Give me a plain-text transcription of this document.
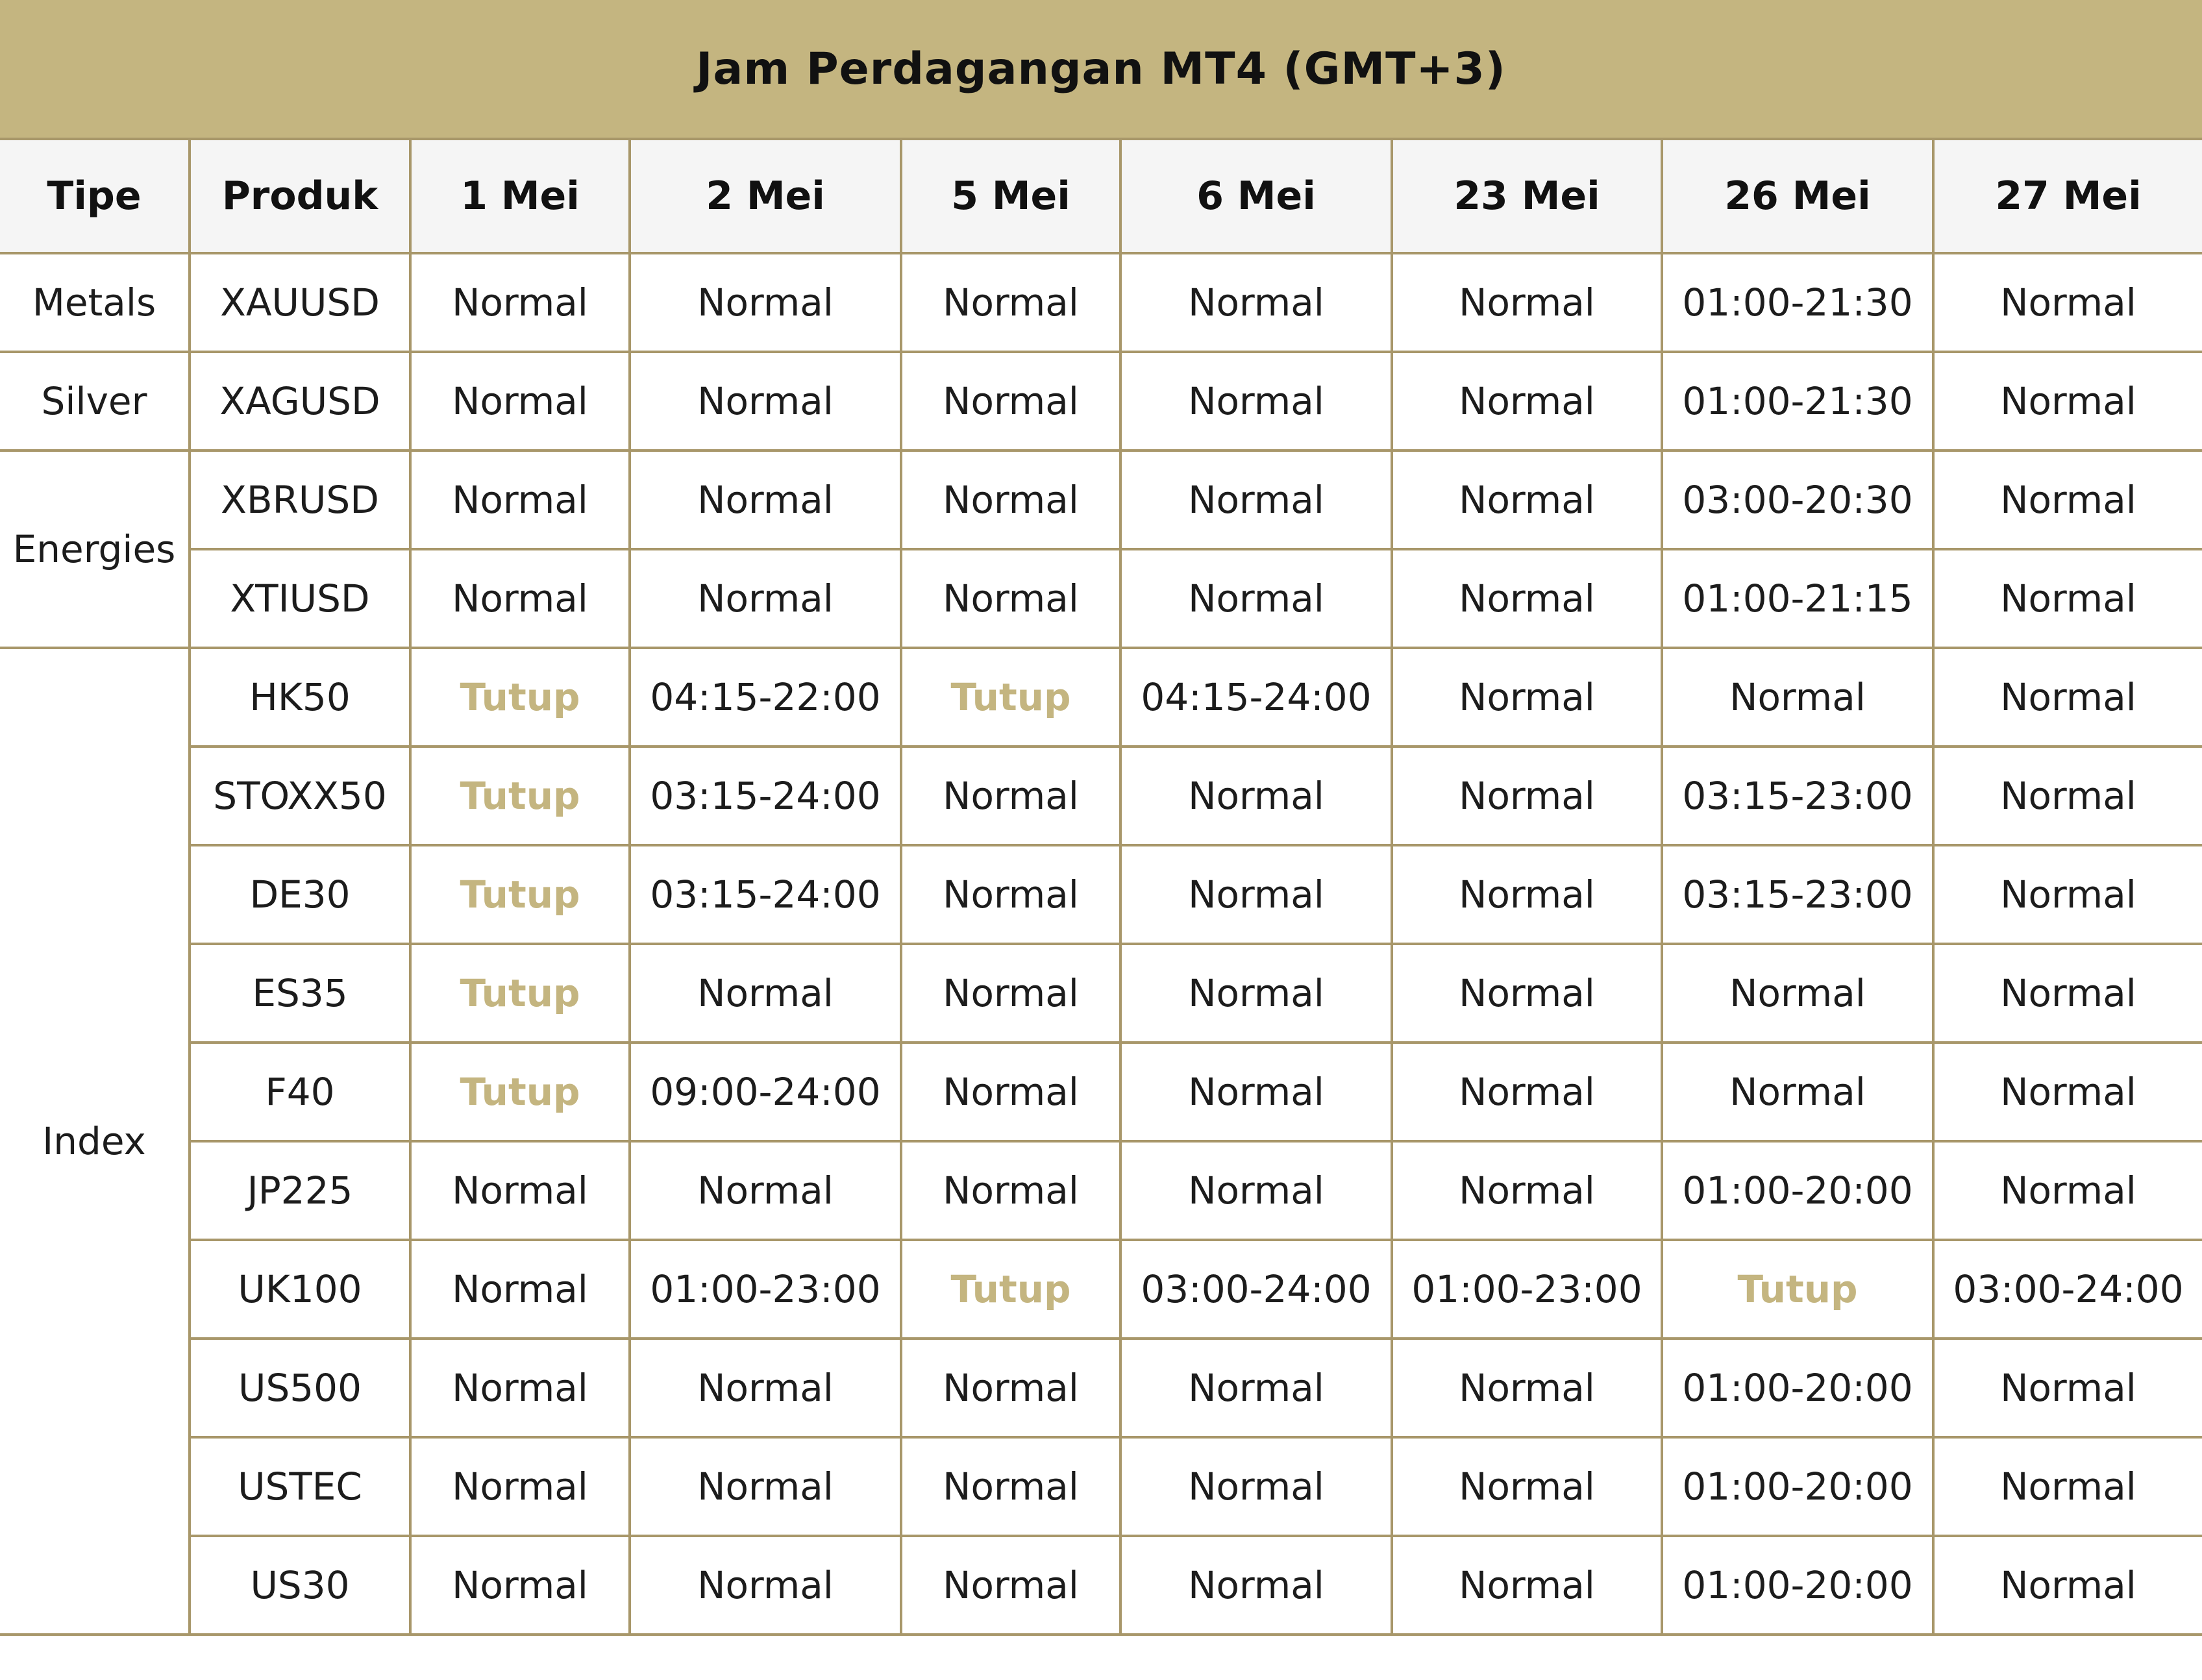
Jam Perdagangan MT4 (GMT+3)
Tipe	Produk	1 Mei	2 Mei	5 Mei	6 Mei	23 Mei	26 Mei	27 Mei
Metals	XAUUSD	Normal	Normal	Normal	Normal	Normal	01:00-21:30	Normal
Silver	XAGUSD	Normal	Normal	Normal	Normal	Normal	01:00-21:30	Normal
Energies	XBRUSD	Normal	Normal	Normal	Normal	Normal	03:00-20:30	Normal
	XTIUSD	Normal	Normal	Normal	Normal	Normal	01:00-21:15	Normal
Index	HK50	Tutup	04:15-22:00	Tutup	04:15-24:00	Normal	Normal	Normal
	STOXX50	Tutup	03:15-24:00	Normal	Normal	Normal	03:15-23:00	Normal
	DE30	Tutup	03:15-24:00	Normal	Normal	Normal	03:15-23:00	Normal
	ES35	Tutup	Normal	Normal	Normal	Normal	Normal	Normal
	F40	Tutup	09:00-24:00	Normal	Normal	Normal	Normal	Normal
	JP225	Normal	Normal	Normal	Normal	Normal	01:00-20:00	Normal
	UK100	Normal	01:00-23:00	Tutup	03:00-24:00	01:00-23:00	Tutup	03:00-24:00
	US500	Normal	Normal	Normal	Normal	Normal	01:00-20:00	Normal
	USTEC	Normal	Normal	Normal	Normal	Normal	01:00-20:00	Normal
	US30	Normal	Normal	Normal	Normal	Normal	01:00-20:00	Normal
